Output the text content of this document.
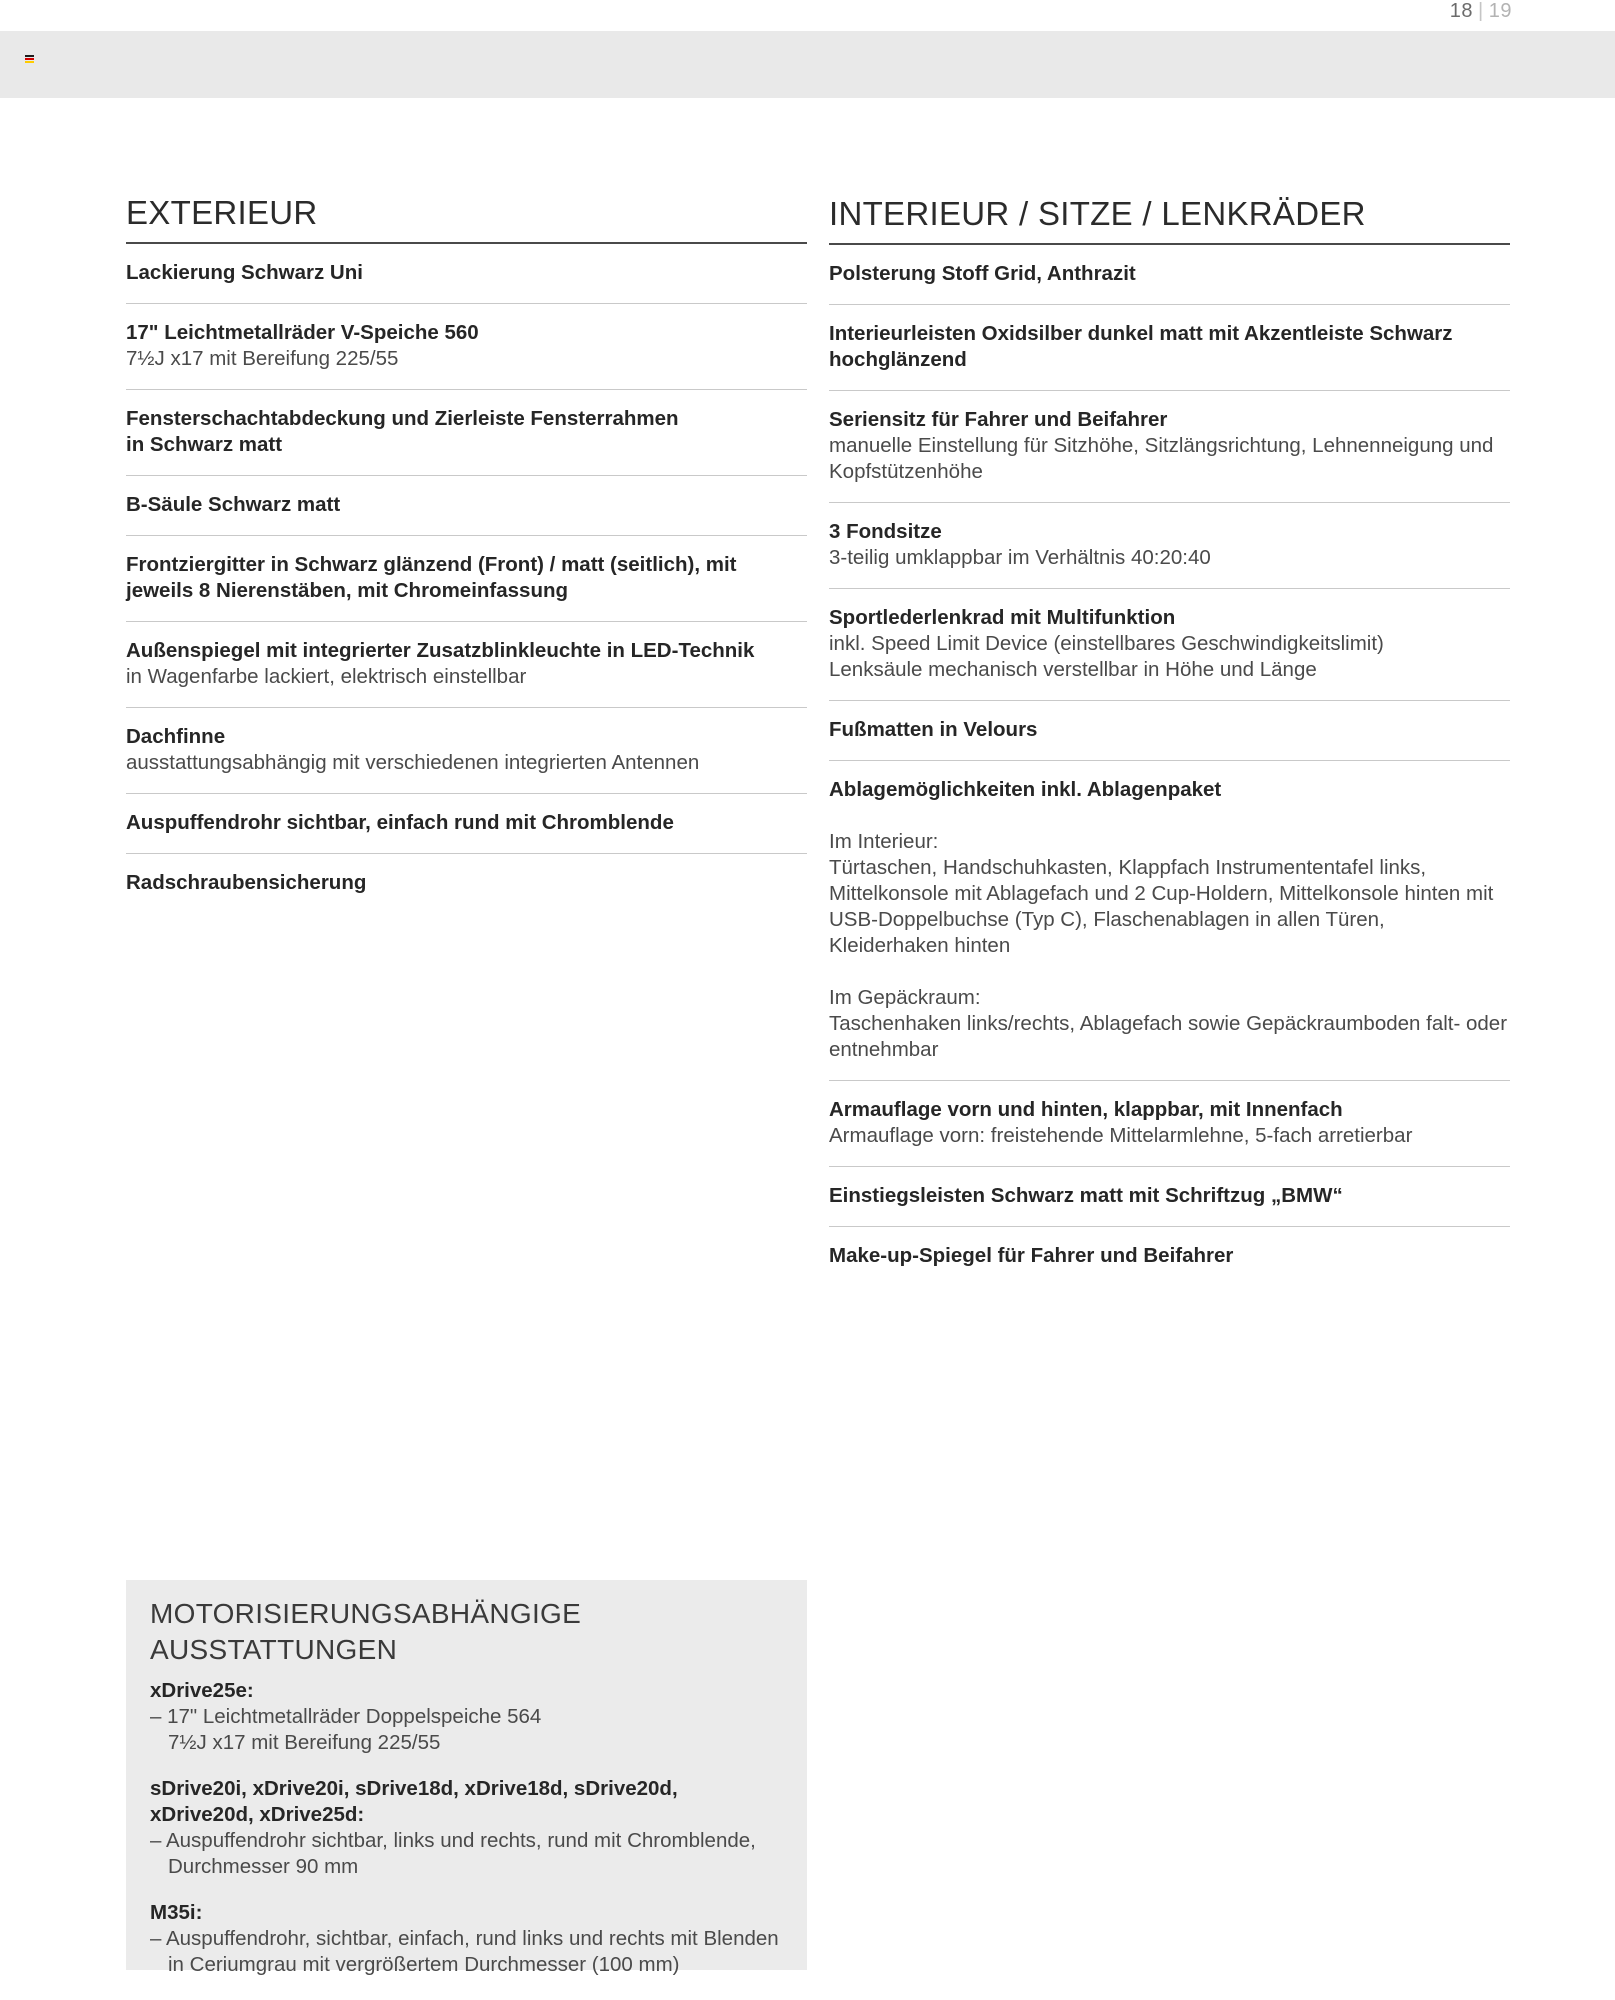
18 | 19
EXTERIEUR
Lackierung Schwarz Uni
17" Leichtmetallräder V-Speiche 560
7½J x17 mit Bereifung 225/55
Fensterschachtabdeckung und Zierleiste Fensterrahmen in Schwarz matt
B-Säule Schwarz matt
Frontziergitter in Schwarz glänzend (Front) / matt (seitlich), mit jeweils 8 Nierenstäben, mit Chromeinfassung
Außenspiegel mit integrierter Zusatzblinkleuchte in LED-Technik
in Wagenfarbe lackiert, elektrisch einstellbar
Dachfinne
ausstattungsabhängig mit verschiedenen integrierten Antennen
Auspuffendrohr sichtbar, einfach rund mit Chromblende
Radschraubensicherung
INTERIEUR / SITZE / LENKRÄDER
Polsterung Stoff Grid, Anthrazit
Interieurleisten Oxidsilber dunkel matt mit Akzentleiste Schwarz hochglänzend
Seriensitz für Fahrer und Beifahrer
manuelle Einstellung für Sitzhöhe, Sitzlängsrichtung, Lehnenneigung und Kopfstützenhöhe
3 Fondsitze
3-teilig umklappbar im Verhältnis 40:20:40
Sportlederlenkrad mit Multifunktion
inkl. Speed Limit Device (einstellbares Geschwindigkeitslimit) Lenksäule mechanisch verstellbar in Höhe und Länge
Fußmatten in Velours
Ablagemöglichkeiten inkl. Ablagenpaket
Im Interieur:
Türtaschen, Handschuhkasten, Klappfach Instrumententafel links, Mittelkonsole mit Ablagefach und 2 Cup-Holdern, Mittelkonsole hinten mit USB-Doppelbuchse (Typ C), Flaschenablagen in allen Türen, Kleiderhaken hinten
Im Gepäckraum:
Taschenhaken links/rechts, Ablagefach sowie Gepäckraumboden falt- oder entnehmbar
Armauflage vorn und hinten, klappbar, mit Innenfach
Armauflage vorn: freistehende Mittelarmlehne, 5-fach arretierbar
Einstiegsleisten Schwarz matt mit Schriftzug „BMW“
Make-up-Spiegel für Fahrer und Beifahrer
MOTORISIERUNGSABHÄNGIGE AUSSTATTUNGEN
xDrive25e:
– 17" Leichtmetallräder Doppelspeiche 564
7½J x17 mit Bereifung 225/55
sDrive20i, xDrive20i, sDrive18d, xDrive18d, sDrive20d, xDrive20d, xDrive25d:
– Auspuffendrohr sichtbar, links und rechts, rund mit Chromblende, Durchmesser 90 mm
M35i:
– Auspuffendrohr, sichtbar, einfach, rund links und rechts mit Blenden in Ceriumgrau mit vergrößertem Durchmesser (100 mm)
